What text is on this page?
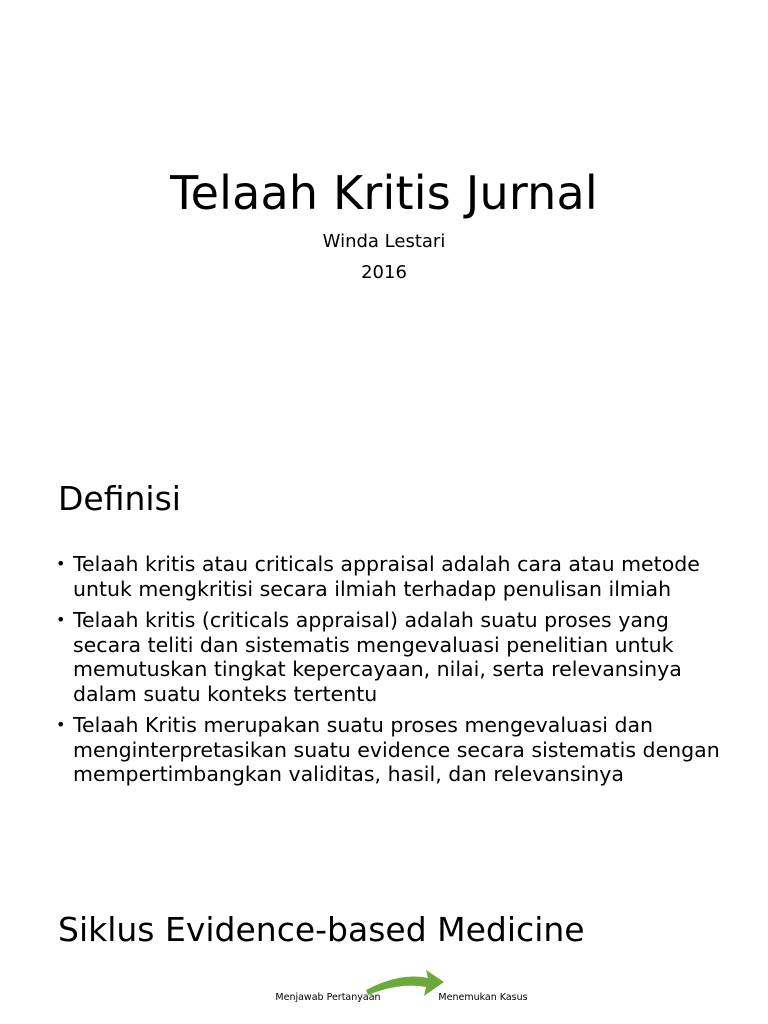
Telaah Kritis Jurnal
Winda Lestari
2016
Definisi
• Telaah kritis atau criticals appraisal adalah cara atau metode untuk mengkritisi secara ilmiah terhadap penulisan ilmiah
• Telaah kritis (criticals appraisal) adalah suatu proses yang secara teliti dan sistematis mengevaluasi penelitian untuk memutuskan tingkat kepercayaan, nilai, serta relevansinya dalam suatu konteks tertentu
• Telaah Kritis merupakan suatu proses mengevaluasi dan menginterpretasikan suatu evidence secara sistematis dengan mempertimbangkan validitas, hasil, dan relevansinya
Siklus Evidence-based Medicine
Menjawab Pertanyaan	Menemukan Kasus
